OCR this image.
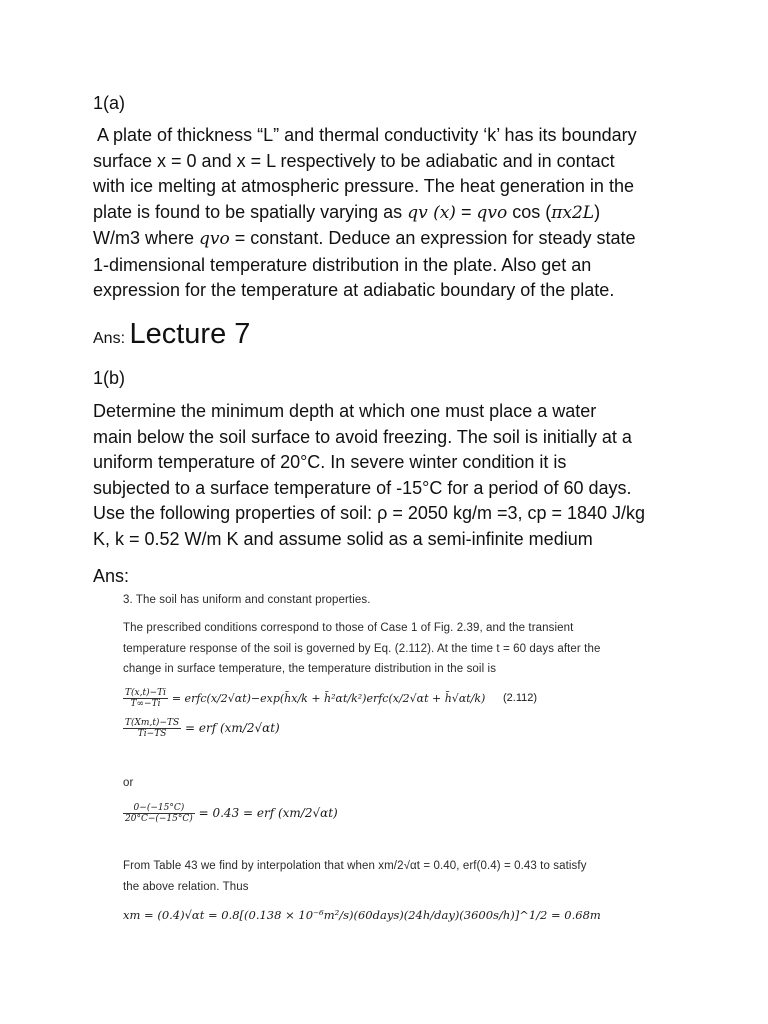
1(a)
A plate of thickness “L” and thermal conductivity ‘k’ has its boundary
surface x = 0 and x = L respectively to be adiabatic and in contact
with ice melting at atmospheric pressure. The heat generation in the
plate is found to be spatially varying as qv (x) = qvo cos (πx2L)
W/m3 where qvo = constant. Deduce an expression for steady state
1-dimensional temperature distribution in the plate. Also get an
expression for the temperature at adiabatic boundary of the plate.
Ans: Lecture 7
1(b)
Determine the minimum depth at which one must place a water
main below the soil surface to avoid freezing. The soil is initially at a
uniform temperature of 20°C. In severe winter condition it is
subjected to a surface temperature of -15°C for a period of 60 days.
Use the following properties of soil: ρ = 2050 kg/m =3, cp = 1840 J/kg
K, k = 0.52 W/m K and assume solid as a semi-infinite medium
Ans:
3. The soil has uniform and constant properties.
The prescribed conditions correspond to those of Case 1 of Fig. 2.39, and the transient
temperature response of the soil is governed by Eq. (2.112). At the time t = 60 days after the
change in surface temperature, the temperature distribution in the soil is
$\frac{T(x,t)-Ti}{T\infty-Ti}$ = erfc(x/2√αt)−exp(h̄x/k + h̄²αt/k²)erfc(x/2√αt + h̄√αt/k) (2.112)
$\frac{T(Xm,t)-TS}{Ti-TS}$ = erf (xm/2√αt)
or
$\frac{0-(-15^\circ C)}{20^\circ C-(-15^\circ C)} = 0.43$ = erf (xm/2√αt)
From Table 43 we find by interpolation that when xm/2√αt = 0.40, erf(0.4) = 0.43 to satisfy
the above relation. Thus
xm = (0.4)√αt = 0.8[(0.138 × 10⁻⁶m²/s)(60days)(24h/day)(3600s/h)]^1/2 = 0.68m
